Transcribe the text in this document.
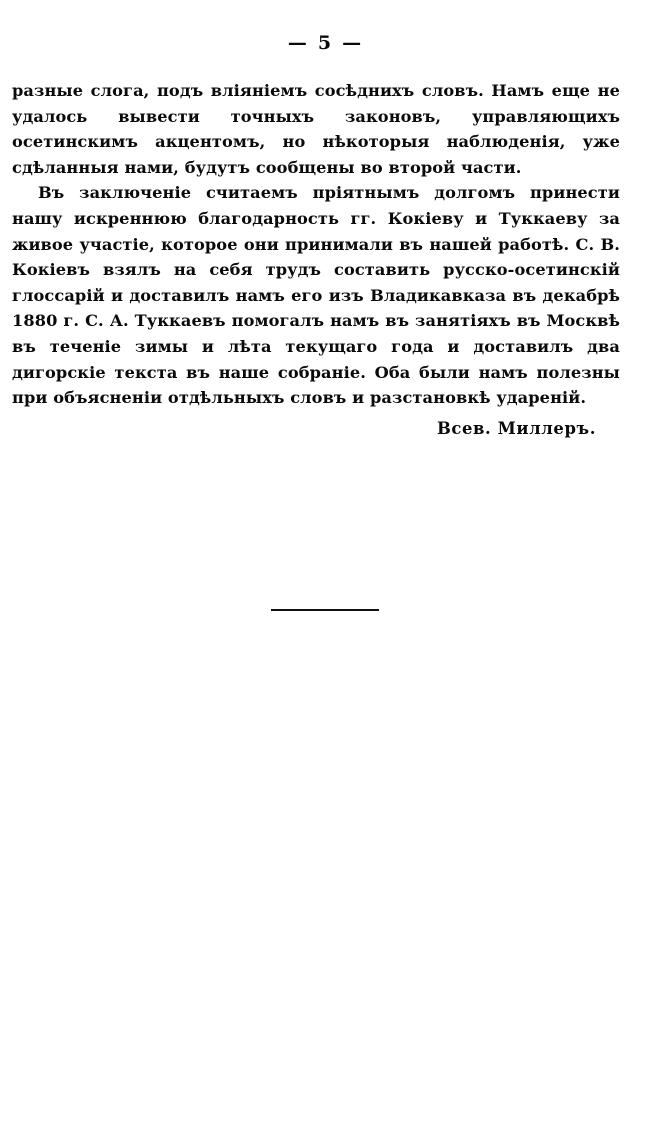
— 5 —

разные слога, подъ вліяніемъ сосѣднихъ словъ. Намъ еще не удалось вывести точныхъ законовъ, управляющихъ осетинскимъ акцентомъ, но нѣкоторыя наблюденія, уже сдѣланныя нами, будутъ сообщены во второй части.

Въ заключеніе считаемъ пріятнымъ долгомъ принести нашу искреннюю благодарность гг. Кокіеву и Туккаеву за живое участіе, которое они принимали въ нашей работѣ. С. В. Кокіевъ взялъ на себя трудъ составить русско-осетинскій глоссарій и доставилъ намъ его изъ Владикавказа въ декабрѣ 1880 г. С. А. Туккаевъ помогалъ намъ въ занятіяхъ въ Москвѣ въ теченіе зимы и лѣта текущаго года и доставилъ два дигорскіе текста въ наше собраніе. Оба были намъ полезны при объясненіи отдѣльныхъ словъ и разстановкѣ удареній.

Всев. Миллеръ.
